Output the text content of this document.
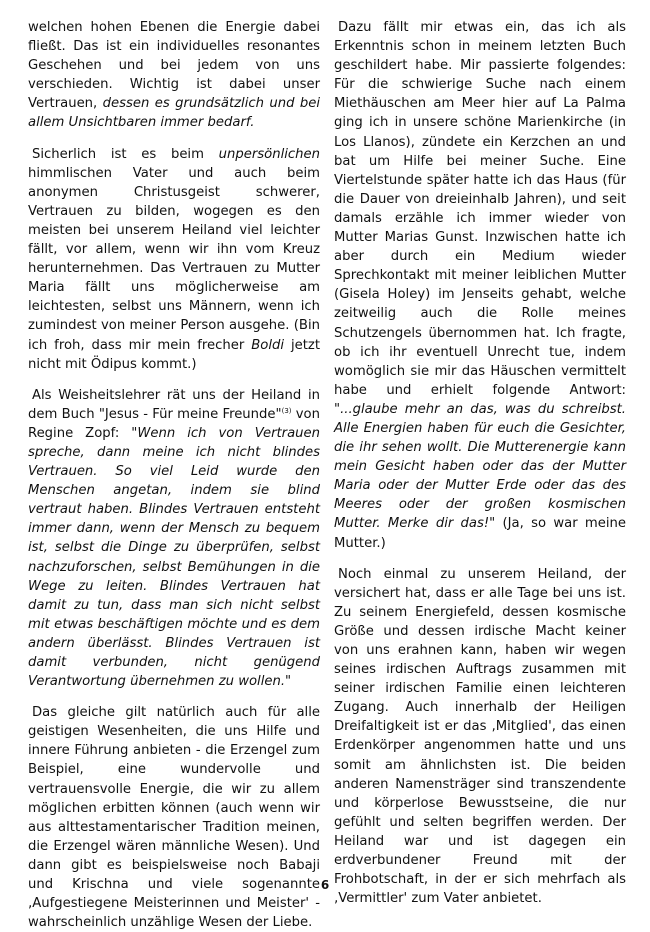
welchen hohen Ebenen die Energie dabei fließt. Das ist ein individuelles resonantes Geschehen und bei jedem von uns verschieden. Wichtig ist dabei unser Vertrauen, dessen es grundsätzlich und bei allem Unsichtbaren immer bedarf.

Sicherlich ist es beim unpersönlichen himmlischen Vater und auch beim anonymen Christusgeist schwerer, Vertrauen zu bilden, wogegen es den meisten bei unserem Heiland viel leichter fällt, vor allem, wenn wir ihn vom Kreuz herunternehmen. Das Vertrauen zu Mutter Maria fällt uns möglicherweise am leichtesten, selbst uns Männern, wenn ich zumindest von meiner Person ausgehe. (Bin ich froh, dass mir mein frecher Boldi jetzt nicht mit Ödipus kommt.)

Als Weisheitslehrer rät uns der Heiland in dem Buch "Jesus - Für meine Freunde"$^{(3)}$ von Regine Zopf: "Wenn ich von Vertrauen spreche, dann meine ich nicht blindes Vertrauen. So viel Leid wurde den Menschen angetan, indem sie blind vertraut haben. Blindes Vertrauen entsteht immer dann, wenn der Mensch zu bequem ist, selbst die Dinge zu überprüfen, selbst nachzuforschen, selbst Bemühungen in die Wege zu leiten. Blindes Vertrauen hat damit zu tun, dass man sich nicht selbst mit etwas beschäftigen möchte und es dem andern überlässt. Blindes Vertrauen ist damit verbunden, nicht genügend Verantwortung übernehmen zu wollen."

Das gleiche gilt natürlich auch für alle geistigen Wesenheiten, die uns Hilfe und innere Führung anbieten - die Erzengel zum Beispiel, eine wundervolle und vertrauensvolle Energie, die wir zu allem möglichen erbitten können (auch wenn wir aus alttestamentarischer Tradition meinen, die Erzengel wären männliche Wesen). Und dann gibt es beispielsweise noch Babaji und Krischna und viele sogenannte ‚Aufgestiegene Meisterinnen und Meister' - wahrscheinlich unzählige Wesen der Liebe.

Dazu fällt mir etwas ein, das ich als Erkenntnis schon in meinem letzten Buch geschildert habe. Mir passierte folgendes: Für die schwierige Suche nach einem Miethäuschen am Meer hier auf La Palma ging ich in unsere schöne Marienkirche (in Los Llanos), zündete ein Kerzchen an und bat um Hilfe bei meiner Suche. Eine Viertelstunde später hatte ich das Haus (für die Dauer von dreieinhalb Jahren), und seit damals erzähle ich immer wieder von Mutter Marias Gunst. Inzwischen hatte ich aber durch ein Medium wieder Sprechkontakt mit meiner leiblichen Mutter (Gisela Holey) im Jenseits gehabt, welche zeitweilig auch die Rolle meines Schutzengels übernommen hat. Ich fragte, ob ich ihr eventuell Unrecht tue, indem womöglich sie mir das Häuschen vermittelt habe und erhielt folgende Antwort: "...glaube mehr an das, was du schreibst. Alle Energien haben für euch die Gesichter, die ihr sehen wollt. Die Mutterenergie kann mein Gesicht haben oder das der Mutter Maria oder der Mutter Erde oder das des Meeres oder der großen kosmischen Mutter. Merke dir das!" (Ja, so war meine Mutter.)

Noch einmal zu unserem Heiland, der versichert hat, dass er alle Tage bei uns ist. Zu seinem Energiefeld, dessen kosmische Größe und dessen irdische Macht keiner von uns erahnen kann, haben wir wegen seines irdischen Auftrags zusammen mit seiner irdischen Familie einen leichteren Zugang. Auch innerhalb der Heiligen Dreifaltigkeit ist er das ‚Mitglied', das einen Erdenkörper angenommen hatte und uns somit am ähnlichsten ist. Die beiden anderen Namensträger sind transzendente und körperlose Bewusstseine, die nur gefühlt und selten begriffen werden. Der Heiland war und ist dagegen ein erdverbundener Freund mit der Frohbotschaft, in der er sich mehrfach als ‚Vermittler' zum Vater anbietet.

6
